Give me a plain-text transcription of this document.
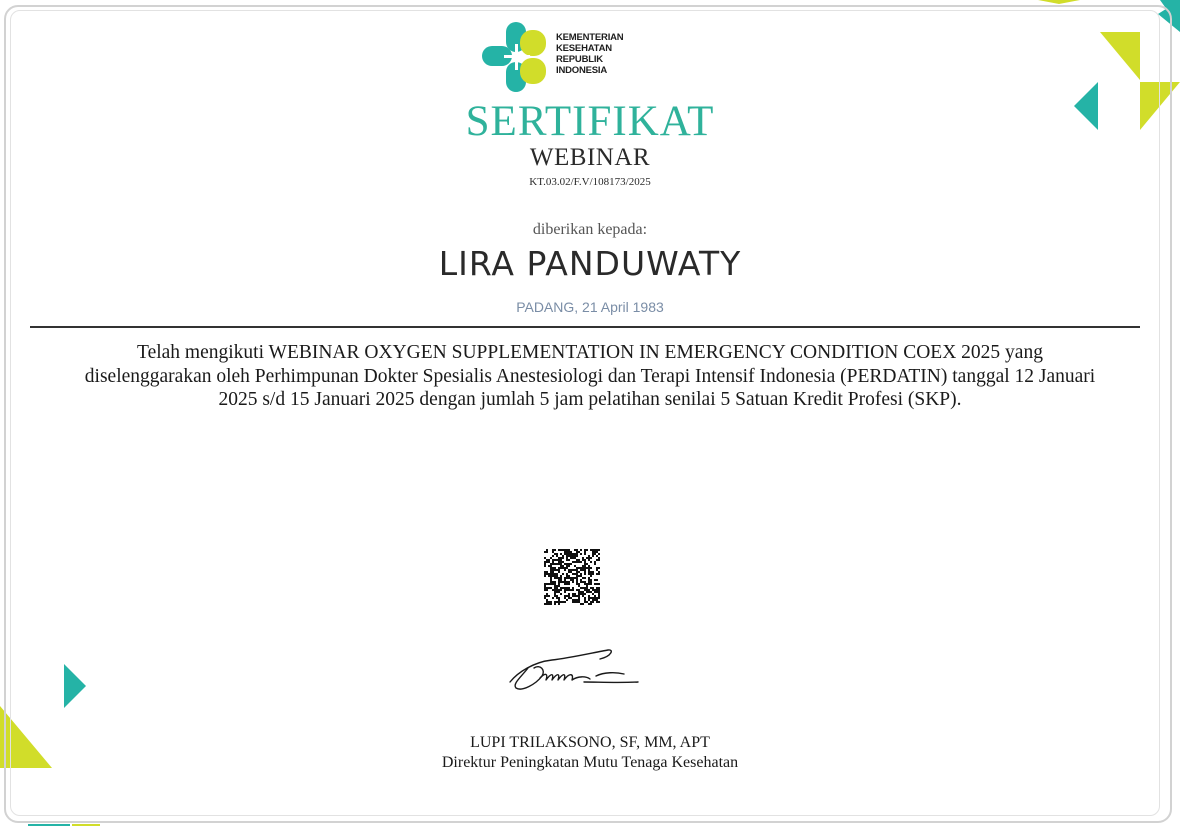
KEMENTERIAN
KESEHATAN
REPUBLIK
INDONESIA
SERTIFIKAT
WEBINAR
KT.03.02/F.V/108173/2025
diberikan kepada:
LIRA PANDUWATY
PADANG, 21 April 1983
Telah mengikuti WEBINAR OXYGEN SUPPLEMENTATION IN EMERGENCY CONDITION COEX 2025 yang diselenggarakan oleh Perhimpunan Dokter Spesialis Anestesiologi dan Terapi Intensif Indonesia (PERDATIN) tanggal 12 Januari 2025 s/d 15 Januari 2025 dengan jumlah 5 jam pelatihan senilai 5 Satuan Kredit Profesi (SKP).
LUPI TRILAKSONO, SF, MM, APT
Direktur Peningkatan Mutu Tenaga Kesehatan
